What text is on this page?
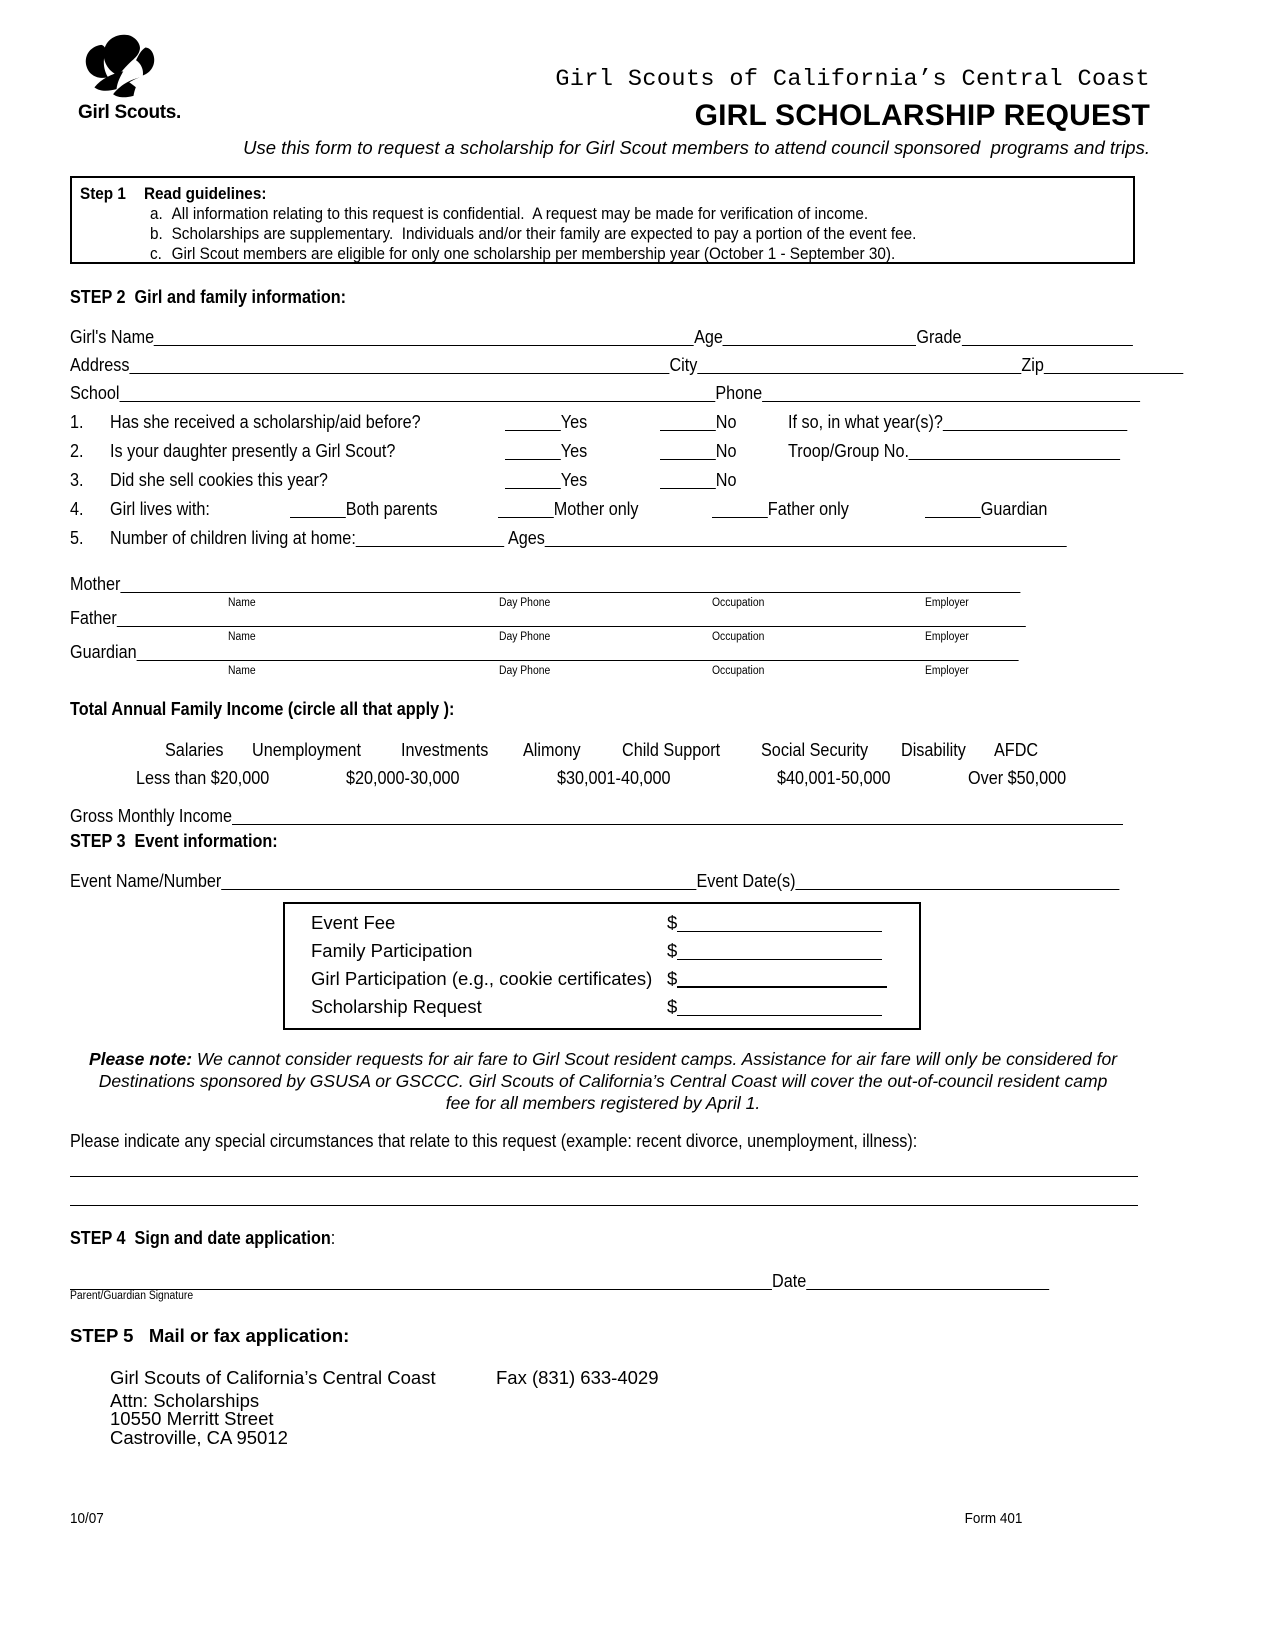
Girl Scouts.
Girl Scouts of California’s Central Coast
GIRL SCHOLARSHIP REQUEST
Use this form to request a scholarship for Girl Scout members to attend council sponsored  programs and trips.
Step 1 Read guidelines:
a. All information relating to this request is confidential.  A request may be made for verification of income.
b. Scholarships are supplementary.  Individuals and/or their family are expected to pay a portion of the event fee.
c. Girl Scout members are eligible for only one scholarship per membership year (October 1 - September 30).
STEP 2  Girl and family information:
Girl's Name	Age	Grade
Address	City	Zip
School	Phone
1. Has she received a scholarship/aid before?	Yes	No	If so, in what year(s)?
2. Is your daughter presently a Girl Scout?	Yes	No	Troop/Group No.
3. Did she sell cookies this year?	Yes	No
4. Girl lives with:	Both parents	Mother only	Father only	Guardian
5. Number of children living at home:	Ages
Mother
Name	Day Phone	Occupation	Employer
Father
Name	Day Phone	Occupation	Employer
Guardian
Name	Day Phone	Occupation	Employer
Total Annual Family Income (circle all that apply ):
Salaries Unemployment Investments Alimony Child Support Social Security Disability AFDC
Less than $20,000	$20,000-30,000	$30,001-40,000	$40,001-50,000	Over $50,000
Gross Monthly Income
STEP 3  Event information:
Event Name/Number	Event Date(s)
Event Fee	$
Family Participation	$
Girl Participation (e.g., cookie certificates) $
Scholarship Request	$
Please note: We cannot consider requests for air fare to Girl Scout resident camps. Assistance for air fare will only be considered for
Destinations sponsored by GSUSA or GSCCC. Girl Scouts of California’s Central Coast will cover the out-of-council resident camp
fee for all members registered by April 1.
Please indicate any special circumstances that relate to this request (example: recent divorce, unemployment, illness):
STEP 4  Sign and date application:
Date
Parent/Guardian Signature
STEP 5   Mail or fax application:
Girl Scouts of California’s Central Coast
Attn: Scholarships
10550 Merritt Street
Castroville, CA 95012
Fax (831) 633-4029
10/07	Form 401
